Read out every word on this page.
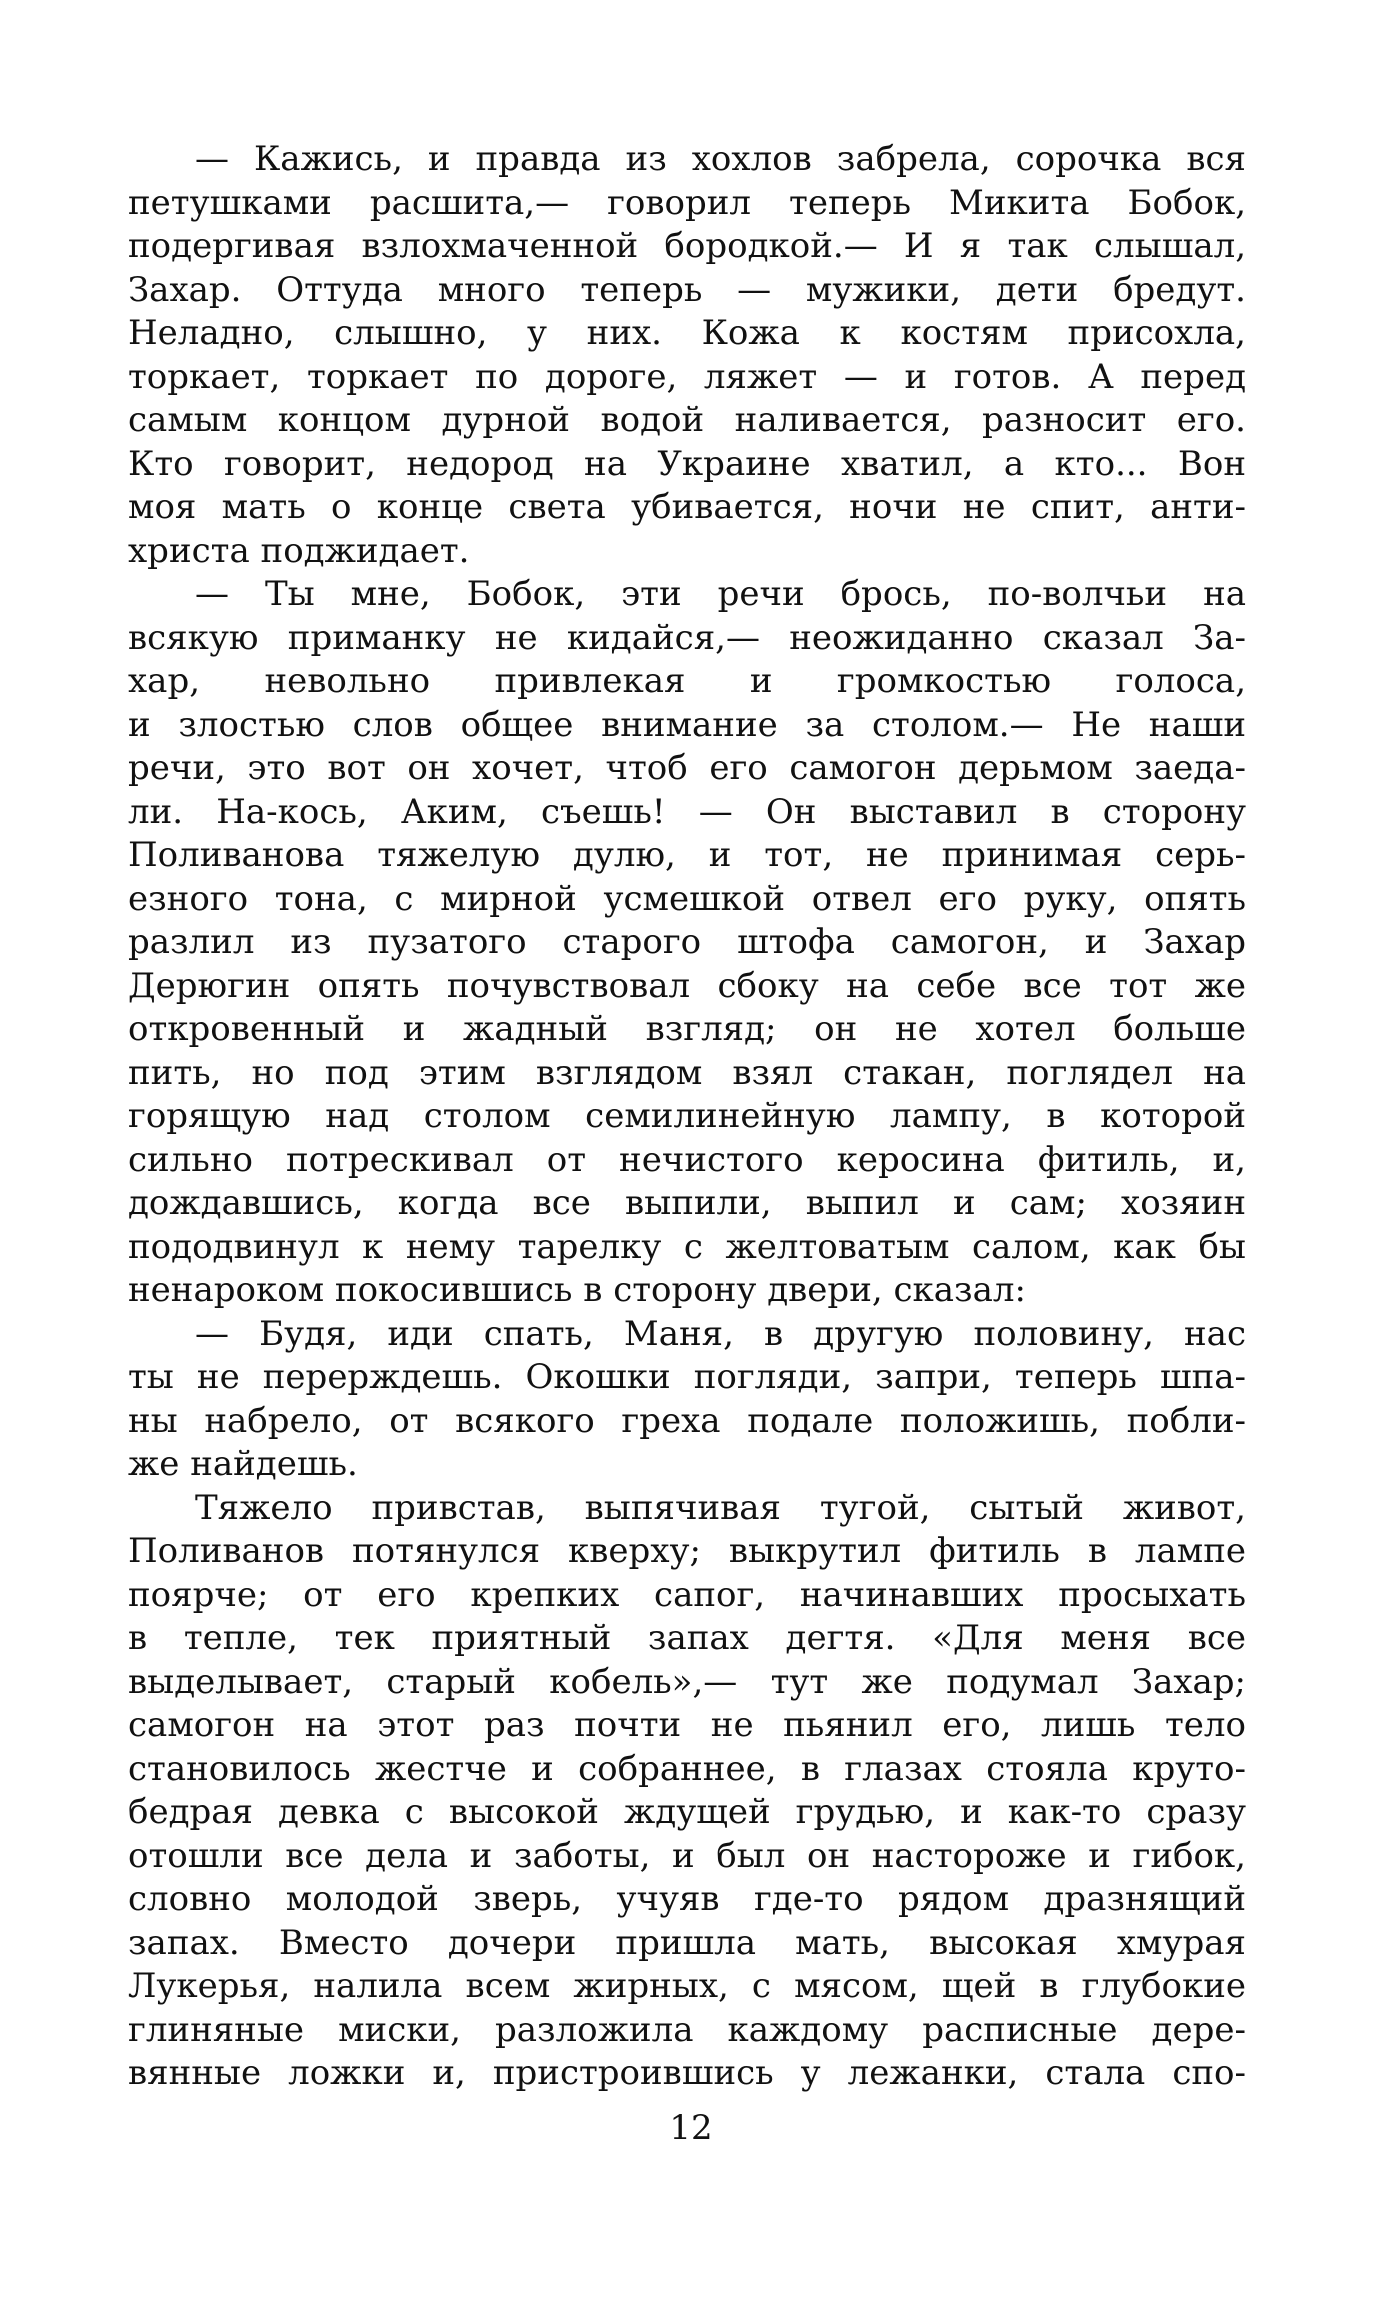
— Кажись, и правда из хохлов забрела, сорочка вся
петушками расшита,— говорил теперь Микита Бобок,
подергивая взлохмаченной бородкой.— И я так слышал,
Захар. Оттуда много теперь — мужики, дети бредут.
Неладно, слышно, у них. Кожа к костям присохла,
торкает, торкает по дороге, ляжет — и готов. А перед
самым концом дурной водой наливается, разносит его.
Кто говорит, недород на Украине хватил, а кто... Вон
моя мать о конце света убивается, ночи не спит, анти-
христа поджидает.
— Ты мне, Бобок, эти речи брось, по-волчьи на
всякую приманку не кидайся,— неожиданно сказал За-
хар, невольно привлекая и громкостью голоса,
и злостью слов общее внимание за столом.— Не наши
речи, это вот он хочет, чтоб его самогон дерьмом заеда-
ли. На-кось, Аким, съешь! — Он выставил в сторону
Поливанова тяжелую дулю, и тот, не принимая серь-
езного тона, с мирной усмешкой отвел его руку, опять
разлил из пузатого старого штофа самогон, и Захар
Дерюгин опять почувствовал сбоку на себе все тот же
откровенный и жадный взгляд; он не хотел больше
пить, но под этим взглядом взял стакан, поглядел на
горящую над столом семилинейную лампу, в которой
сильно потрескивал от нечистого керосина фитиль, и,
дождавшись, когда все выпили, выпил и сам; хозяин
пододвинул к нему тарелку с желтоватым салом, как бы
ненароком покосившись в сторону двери, сказал:
— Будя, иди спать, Маня, в другую половину, нас
ты не перерждешь. Окошки погляди, запри, теперь шпа-
ны набрело, от всякого греха подале положишь, побли-
же найдешь.
Тяжело привстав, выпячивая тугой, сытый живот,
Поливанов потянулся кверху; выкрутил фитиль в лампе
поярче; от его крепких сапог, начинавших просыхать
в тепле, тек приятный запах дегтя. «Для меня все
выделывает, старый кобель»,— тут же подумал Захар;
самогон на этот раз почти не пьянил его, лишь тело
становилось жестче и собраннее, в глазах стояла круто-
бедрая девка с высокой ждущей грудью, и как-то сразу
отошли все дела и заботы, и был он настороже и гибок,
словно молодой зверь, учуяв где-то рядом дразнящий
запах. Вместо дочери пришла мать, высокая хмурая
Лукерья, налила всем жирных, с мясом, щей в глубокие
глиняные миски, разложила каждому расписные дере-
вянные ложки и, пристроившись у лежанки, стала спо-
12
